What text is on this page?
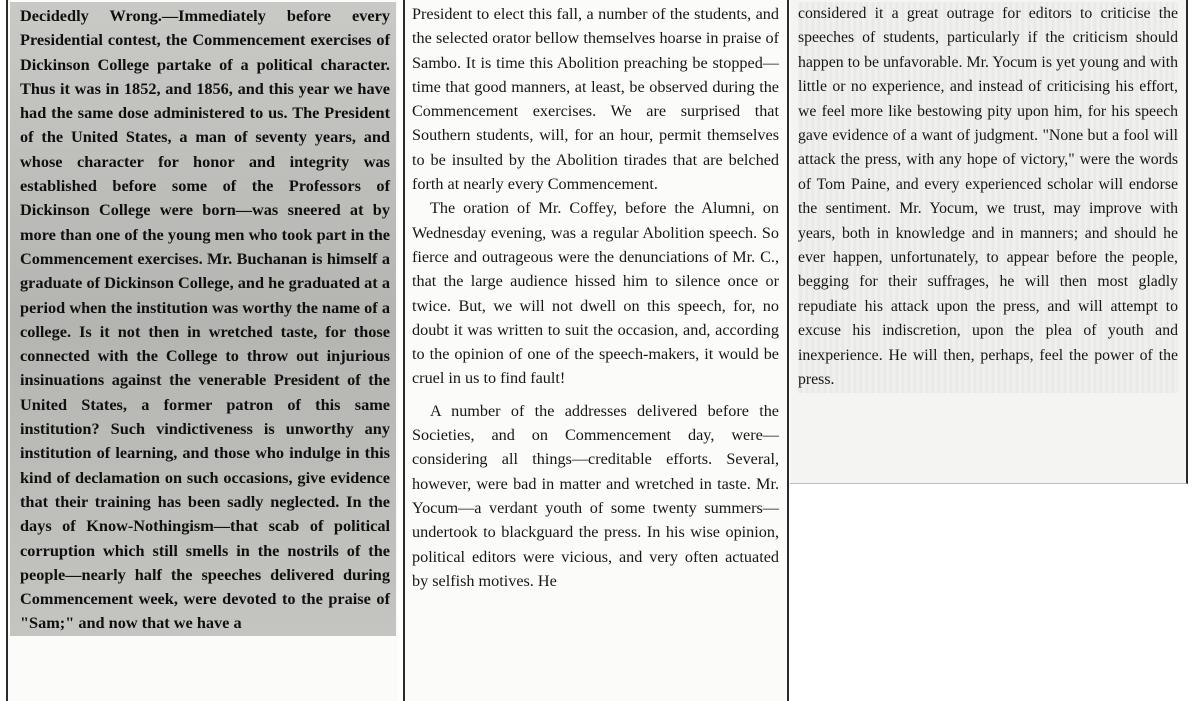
Decidedly Wrong.—Immediately before every Presidential contest, the Commencement exercises of Dickinson College partake of a political character. Thus it was in 1852, and 1856, and this year we have had the same dose administered to us. The President of the United States, a man of seventy years, and whose character for honor and integrity was established before some of the Professors of Dickinson College were born—was sneered at by more than one of the young men who took part in the Commencement exercises. Mr. Buchanan is himself a graduate of Dickinson College, and he graduated at a period when the institution was worthy the name of a college. Is it not then in wretched taste, for those connected with the College to throw out injurious insinuations against the venerable President of the United States, a former patron of this same institution? Such vindictiveness is unworthy any institution of learning, and those who indulge in this kind of declamation on such occasions, give evidence that their training has been sadly neglected. In the days of Know-Nothingism—that scab of political corruption which still smells in the nostrils of the people—nearly half the speeches delivered during Commencement week, were devoted to the praise of "Sam;" and now that we have a

President to elect this fall, a number of the students, and the selected orator bellow themselves hoarse in praise of Sambo. It is time this Abolition preaching be stopped—time that good manners, at least, be observed during the Commencement exercises. We are surprised that Southern students, will, for an hour, permit themselves to be insulted by the Abolition tirades that are belched forth at nearly every Commencement.

The oration of Mr. Coffey, before the Alumni, on Wednesday evening, was a regular Abolition speech. So fierce and outrageous were the denunciations of Mr. C., that the large audience hissed him to silence once or twice. But, we will not dwell on this speech, for, no doubt it was written to suit the occasion, and, according to the opinion of one of the speech-makers, it would be cruel in us to find fault!

A number of the addresses delivered before the Societies, and on Commencement day, were—considering all things—creditable efforts. Several, however, were bad in matter and wretched in taste. Mr. Yocum—a verdant youth of some twenty summers—undertook to blackguard the press. In his wise opinion, political editors were vicious, and very often actuated by selfish motives. He

considered it a great outrage for editors to criticise the speeches of students, particularly if the criticism should happen to be unfavorable. Mr. Yocum is yet young and with little or no experience, and instead of criticising his effort, we feel more like bestowing pity upon him, for his speech gave evidence of a want of judgment. "None but a fool will attack the press, with any hope of victory," were the words of Tom Paine, and every experienced scholar will endorse the sentiment. Mr. Yocum, we trust, may improve with years, both in knowledge and in manners; and should he ever happen, unfortunately, to appear before the people, begging for their suffrages, he will then most gladly repudiate his attack upon the press, and will attempt to excuse his indiscretion, upon the plea of youth and inexperience. He will then, perhaps, feel the power of the press.
